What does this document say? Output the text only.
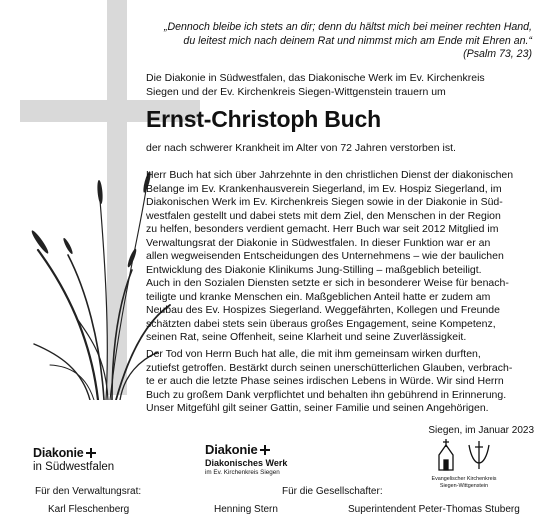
„Dennoch bleibe ich stets an dir; denn du hältst mich bei meiner rechten Hand,

du leitest mich nach deinem Rat und nimmst mich am Ende mit Ehren an.“

(Psalm 73, 23)

Die Diakonie in Südwestfalen, das Diakonische Werk im Ev. Kirchenkreis

Siegen und der Ev. Kirchenkreis Siegen-Wittgenstein trauern um

Ernst-Christoph Buch

der nach schwerer Krankheit im Alter von 72 Jahren verstorben ist.

Herr Buch hat sich über Jahrzehnte in den christlichen Dienst der diakonischen

Belange im Ev. Krankenhausverein Siegerland, im Ev. Hospiz Siegerland, im

Diakonischen Werk im Ev. Kirchenkreis Siegen sowie in der Diakonie in Süd-

westfalen gestellt und dabei stets mit dem Ziel, den Menschen in der Region

zu helfen, besonders verdient gemacht. Herr Buch war seit 2012 Mitglied im

Verwaltungsrat der Diakonie in Südwestfalen. In dieser Funktion war er an

allen wegweisenden Entscheidungen des Unternehmens – wie der baulichen

Entwicklung des Diakonie Klinikums Jung-Stilling – maßgeblich beteiligt.

Auch in den Sozialen Diensten setzte er sich in besonderer Weise für benach-

teiligte und kranke Menschen ein. Maßgeblichen Anteil hatte er zudem am

Neubau des Ev. Hospizes Siegerland. Weggefährten, Kollegen und Freunde

schätzten dabei stets sein überaus großes Engagement, seine Kompetenz,

seinen Rat, seine Offenheit, seine Klarheit und seine Zuverlässigkeit.

Der Tod von Herrn Buch hat alle, die mit ihm gemeinsam wirken durften,

zutiefst getroffen. Bestärkt durch seinen unerschütterlichen Glauben, verbrach-

te er auch die letzte Phase seines irdischen Lebens in Würde. Wir sind Herrn

Buch zu großem Dank verpflichtet und behalten ihn gebührend in Erinnerung.

Unser Mitgefühl gilt seiner Gattin, seiner Familie und seinen Angehörigen.

Siegen, im Januar 2023
Diakonie
in Südwestfalen
Diakonie
Diakonisches Werk
im Ev. Kirchenkreis Siegen
Evangelischer Kirchenkreis
Siegen-Wittgenstein
Für den Verwaltungsrat:
Karl Fleschenberg
Für die Gesellschafter:
Henning Stern	Superintendent Peter-Thomas Stuberg
